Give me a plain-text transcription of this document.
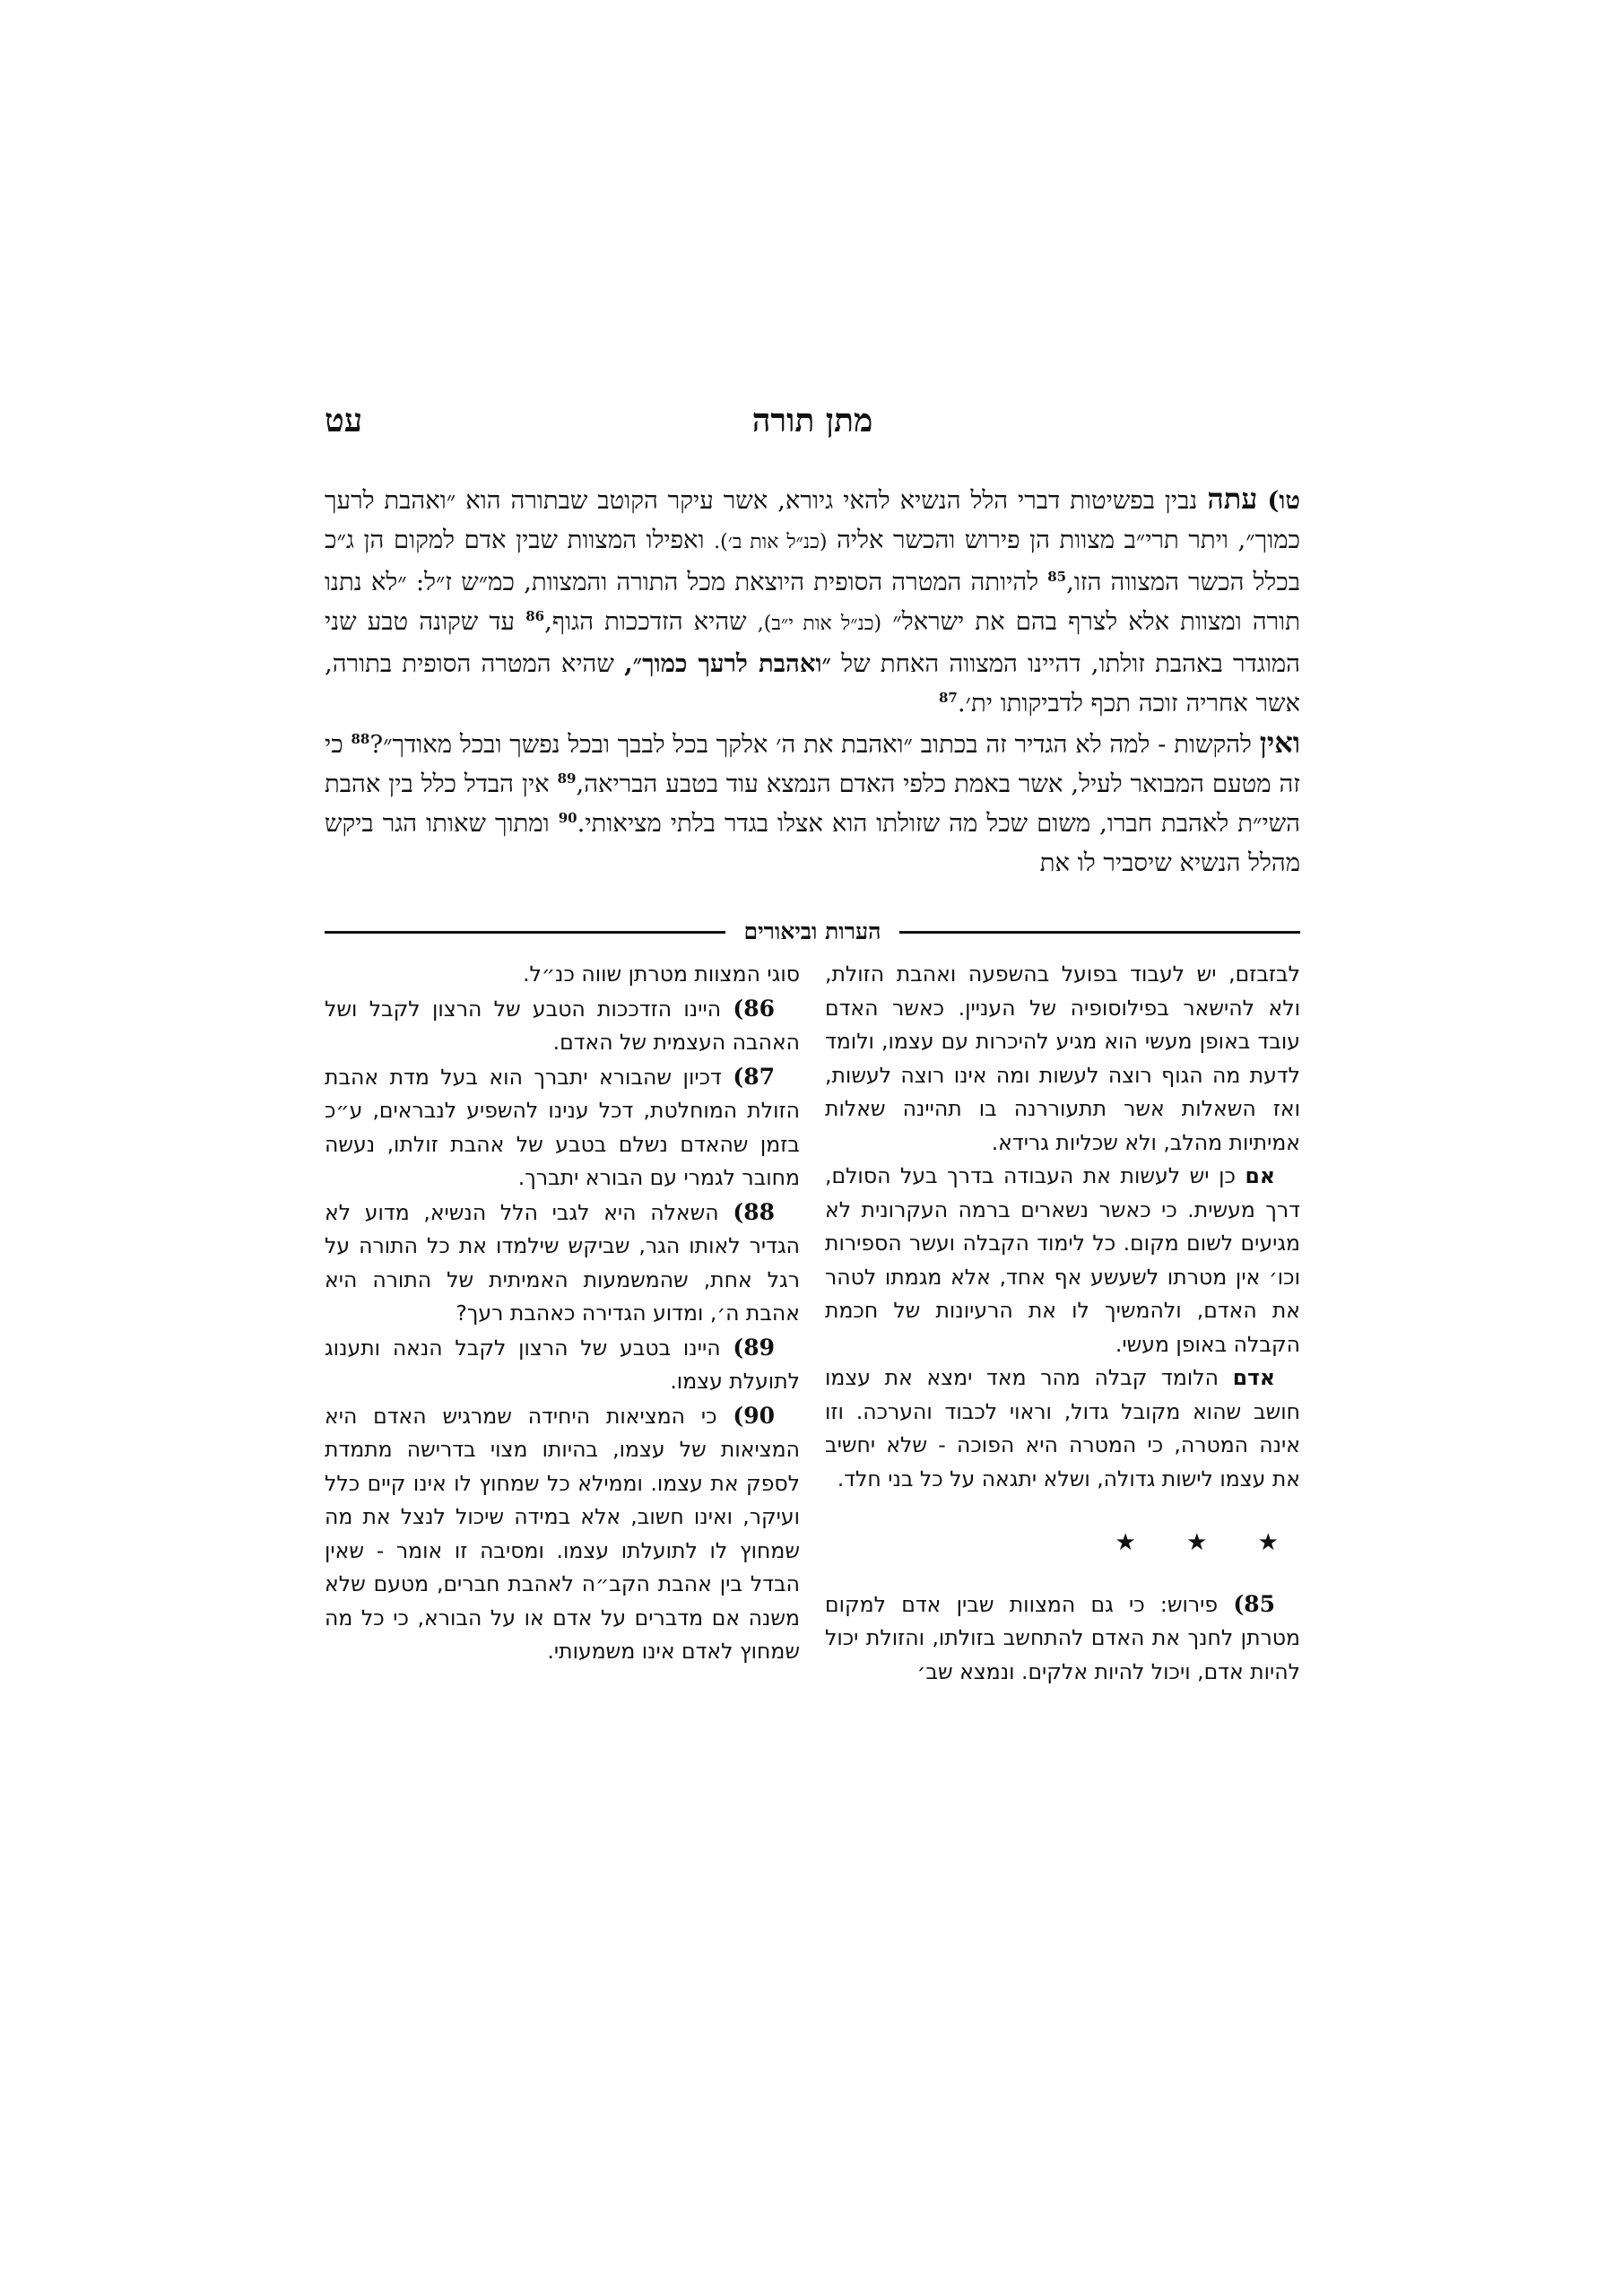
מתן תורה
עט

טו) עתה נבין בפשיטות דברי הלל הנשיא להאי גיורא, אשר עיקר הקוטב שבתורה הוא ״ואהבת לרעך כמוך״, ויתר תרי״ב מצוות הן פירוש והכשר אליה (כנ״ל אות ב׳). ואפילו המצוות שבין אדם למקום הן ג״כ בכלל הכשר המצווה הזו,$^{85}$ להיותה המטרה הסופית היוצאת מכל התורה והמצוות, כמ״ש ז״ל: ״לא נתנו תורה ומצוות אלא לצרף בהם את ישראל״ (כנ״ל אות י״ב), שהיא הזדככות הגוף,$^{86}$ עד שקונה טבע שני המוגדר באהבת זולתו, דהיינו המצווה האחת של ״ואהבת לרעך כמוך״, שהיא המטרה הסופית בתורה, אשר אחריה זוכה תכף לדביקותו ית׳.$^{87}$

ואין להקשות - למה לא הגדיר זה בכתוב ״ואהבת את ה׳ אלקך בכל לבבך ובכל נפשך ובכל מאודך״?$^{88}$ כי זה מטעם המבואר לעיל, אשר באמת כלפי האדם הנמצא עוד בטבע הבריאה,$^{89}$ אין הבדל כלל בין אהבת השי״ת לאהבת חברו, משום שכל מה שזולתו הוא אצלו בגדר בלתי מציאותי.$^{90}$ ומתוך שאותו הגר ביקש מהלל הנשיא שיסביר לו את

הערות וביאורים

לבזבזם, יש לעבוד בפועל בהשפעה ואהבת הזולת, ולא להישאר בפילוסופיה של העניין. כאשר האדם עובד באופן מעשי הוא מגיע להיכרות עם עצמו, ולומד לדעת מה הגוף רוצה לעשות ומה אינו רוצה לעשות, ואז השאלות אשר תתעוררנה בו תהיינה שאלות אמיתיות מהלב, ולא שכליות גרידא.

אם כן יש לעשות את העבודה בדרך בעל הסולם, דרך מעשית. כי כאשר נשארים ברמה העקרונית לא מגיעים לשום מקום. כל לימוד הקבלה ועשר הספירות וכו׳ אין מטרתו לשעשע אף אחד, אלא מגמתו לטהר את האדם, ולהמשיך לו את הרעיונות של חכמת הקבלה באופן מעשי.

אדם הלומד קבלה מהר מאד ימצא את עצמו חושב שהוא מקובל גדול, וראוי לכבוד והערכה. וזו אינה המטרה, כי המטרה היא הפוכה - שלא יחשיב את עצמו לישות גדולה, ושלא יתגאה על כל בני חלד.

★ ★ ★

85) פירוש: כי גם המצוות שבין אדם למקום מטרתן לחנך את האדם להתחשב בזולתו, והזולת יכול להיות אדם, ויכול להיות אלקים. ונמצא שב׳

סוגי המצוות מטרתן שווה כנ״ל.

86) היינו הזדככות הטבע של הרצון לקבל ושל האהבה העצמית של האדם.

87) דכיון שהבורא יתברך הוא בעל מדת אהבת הזולת המוחלטת, דכל ענינו להשפיע לנבראים, ע״כ בזמן שהאדם נשלם בטבע של אהבת זולתו, נעשה מחובר לגמרי עם הבורא יתברך.

88) השאלה היא לגבי הלל הנשיא, מדוע לא הגדיר לאותו הגר, שביקש שילמדו את כל התורה על רגל אחת, שהמשמעות האמיתית של התורה היא אהבת ה׳, ומדוע הגדירה כאהבת רעך?

89) היינו בטבע של הרצון לקבל הנאה ותענוג לתועלת עצמו.

90) כי המציאות היחידה שמרגיש האדם היא המציאות של עצמו, בהיותו מצוי בדרישה מתמדת לספק את עצמו. וממילא כל שמחוץ לו אינו קיים כלל ועיקר, ואינו חשוב, אלא במידה שיכול לנצל את מה שמחוץ לו לתועלתו עצמו. ומסיבה זו אומר - שאין הבדל בין אהבת הקב״ה לאהבת חברים, מטעם שלא משנה אם מדברים על אדם או על הבורא, כי כל מה שמחוץ לאדם אינו משמעותי.
